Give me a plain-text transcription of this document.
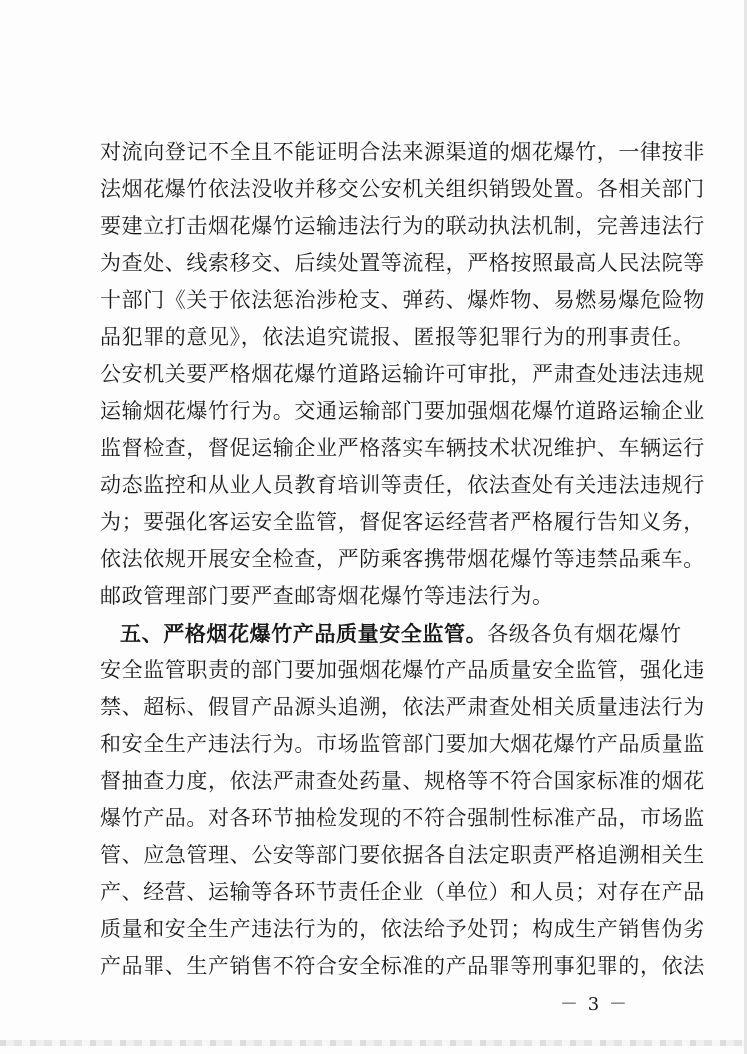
对流向登记不全且不能证明合法来源渠道的烟花爆竹，一律按非
法烟花爆竹依法没收并移交公安机关组织销毁处置。各相关部门
要建立打击烟花爆竹运输违法行为的联动执法机制，完善违法行
为查处、线索移交、后续处置等流程，严格按照最高人民法院等
十部门《关于依法惩治涉枪支、弹药、爆炸物、易燃易爆危险物
品犯罪的意见》，依法追究谎报、匿报等犯罪行为的刑事责任。
公安机关要严格烟花爆竹道路运输许可审批，严肃查处违法违规
运输烟花爆竹行为。交通运输部门要加强烟花爆竹道路运输企业
监督检查，督促运输企业严格落实车辆技术状况维护、车辆运行
动态监控和从业人员教育培训等责任，依法查处有关违法违规行
为；要强化客运安全监管，督促客运经营者严格履行告知义务，
依法依规开展安全检查，严防乘客携带烟花爆竹等违禁品乘车。
邮政管理部门要严查邮寄烟花爆竹等违法行为。
五、严格烟花爆竹产品质量安全监管。各级各负有烟花爆竹
安全监管职责的部门要加强烟花爆竹产品质量安全监管，强化违
禁、超标、假冒产品源头追溯，依法严肃查处相关质量违法行为
和安全生产违法行为。市场监管部门要加大烟花爆竹产品质量监
督抽查力度，依法严肃查处药量、规格等不符合国家标准的烟花
爆竹产品。对各环节抽检发现的不符合强制性标准产品，市场监
管、应急管理、公安等部门要依据各自法定职责严格追溯相关生
产、经营、运输等各环节责任企业（单位）和人员；对存在产品
质量和安全生产违法行为的，依法给予处罚；构成生产销售伪劣
产品罪、生产销售不符合安全标准的产品罪等刑事犯罪的，依法
－ 3 －
